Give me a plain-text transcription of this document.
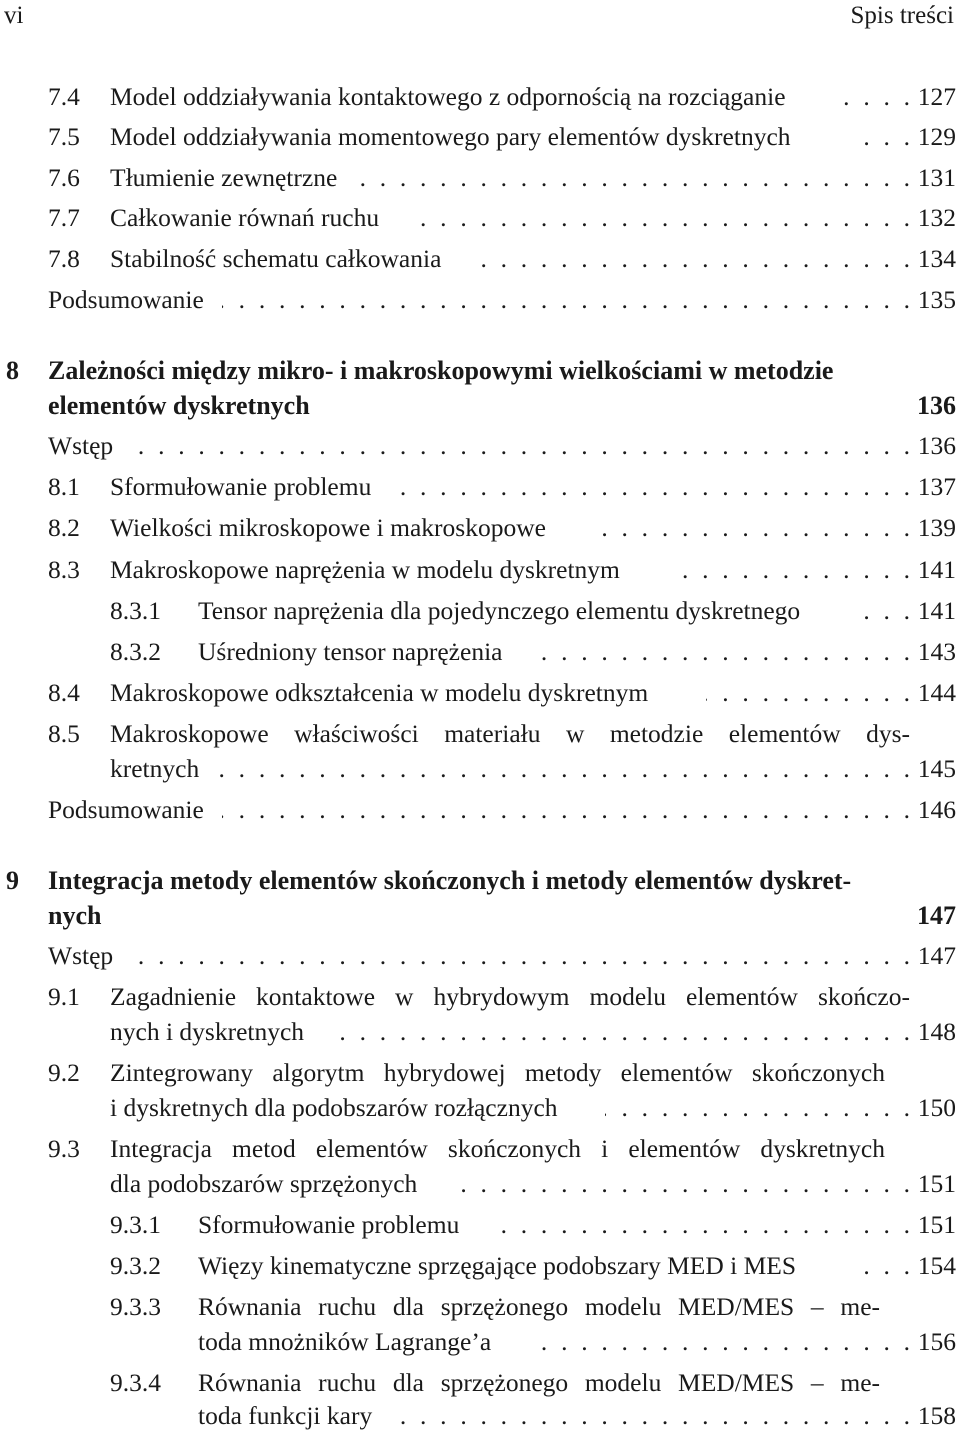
vi	Spis treści
7.4 Model oddziaływania kontaktowego z odpornością na rozciąganie . . .	127
7.5 Model oddziaływania momentowego pary elementów dyskretnych . . .	129
7.6 Tłumienie zewnętrzne . . .	131
7.7 Całkowanie równań ruchu . . .	132
7.8 Stabilność schematu całkowania . . .	134
Podsumowanie . . .	135
8 Zależności między mikro- i makroskopowymi wielkościami w metodzie
elementów dyskretnych	136
Wstęp . . .	136
8.1 Sformułowanie problemu . . .	137
8.2 Wielkości mikroskopowe i makroskopowe . . .	139
8.3 Makroskopowe naprężenia w modelu dyskretnym . . .	141
8.3.1 Tensor naprężenia dla pojedynczego elementu dyskretnego . . .	141
8.3.2 Uśredniony tensor naprężenia . . .	143
8.4 Makroskopowe odkształcenia w modelu dyskretnym . . .	144
8.5 Makroskopowe właściwości materiału w metodzie elementów dys-
kretnych . . .	145
Podsumowanie . . .	146
9 Integracja metody elementów skończonych i metody elementów dyskret-
nych	147
Wstęp . . .	147
9.1 Zagadnienie kontaktowe w hybrydowym modelu elementów skończo-
nych i dyskretnych . . .	148
9.2 Zintegrowany algorytm hybrydowej metody elementów skończonych
i dyskretnych dla podobszarów rozłącznych . . .	150
9.3 Integracja metod elementów skończonych i elementów dyskretnych
dla podobszarów sprzężonych . . .	151
9.3.1 Sformułowanie problemu . . .	151
9.3.2 Więzy kinematyczne sprzęgające podobszary MED i MES . . .	154
9.3.3 Równania ruchu dla sprzężonego modelu MED/MES – me-
toda mnożników Lagrange’a . . .	156
9.3.4 Równania ruchu dla sprzężonego modelu MED/MES – me-
toda funkcji kary . . .	158
